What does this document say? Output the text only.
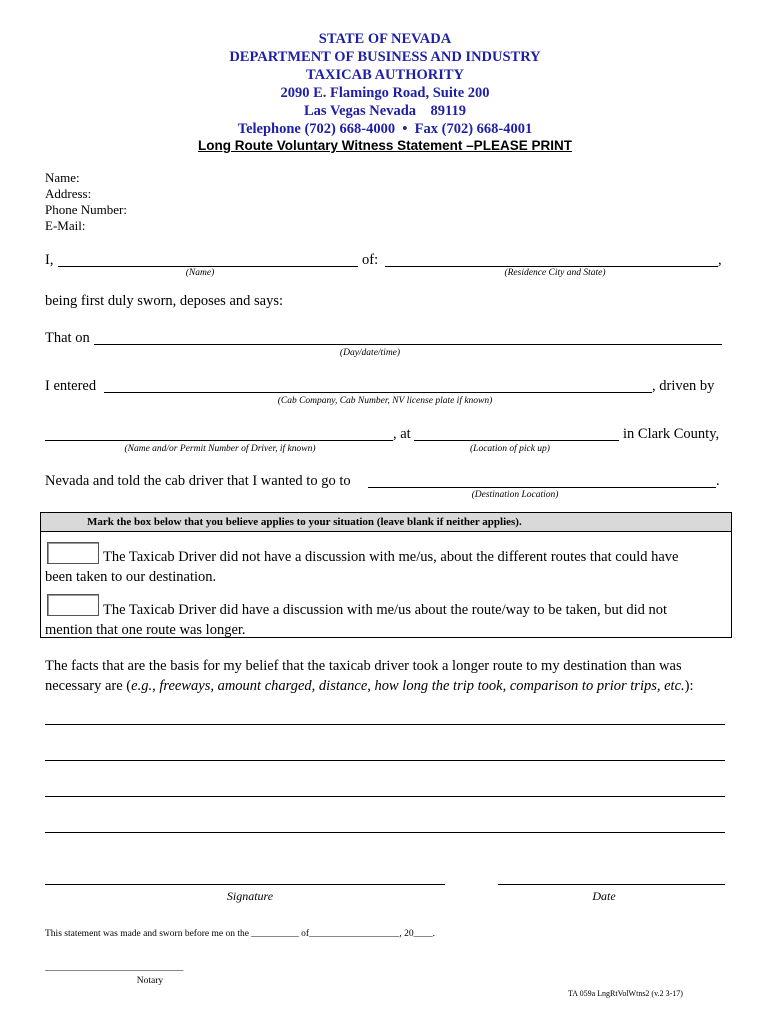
STATE OF NEVADA
DEPARTMENT OF BUSINESS AND INDUSTRY
TAXICAB AUTHORITY
2090 E. Flamingo Road, Suite 200
Las Vegas Nevada    89119
Telephone (702) 668-4000  •  Fax (702) 668-4001
Long Route Voluntary Witness Statement –PLEASE PRINT
Name:
Address:
Phone Number:
E-Mail:
I,	of:	,
(Name)	(Residence City and State)
being first duly sworn, deposes and says:
That on
(Day/date/time)
I entered	, driven by
(Cab Company, Cab Number, NV license plate if known)
, at	in Clark County,
(Name and/or Permit Number of Driver, if known)	(Location of pick up)
Nevada and told the cab driver that I wanted to go to	.
(Destination Location)
Mark the box below that you believe applies to your situation (leave blank if neither applies).
The Taxicab Driver did not have a discussion with me/us, about the different routes that could have
been taken to our destination.
The Taxicab Driver did have a discussion with me/us about the route/way to be taken, but did not
mention that one route was longer.
The facts that are the basis for my belief that the taxicab driver took a longer route to my destination than was
necessary are (e.g., freeways, amount charged, distance, how long the trip took, comparison to prior trips, etc.):
Signature	Date
This statement was made and sworn before me on the __________ of___________________, 20____.
_______________________________
Notary
TA 059a LngRtVolWtns2 (v.2 3-17)
